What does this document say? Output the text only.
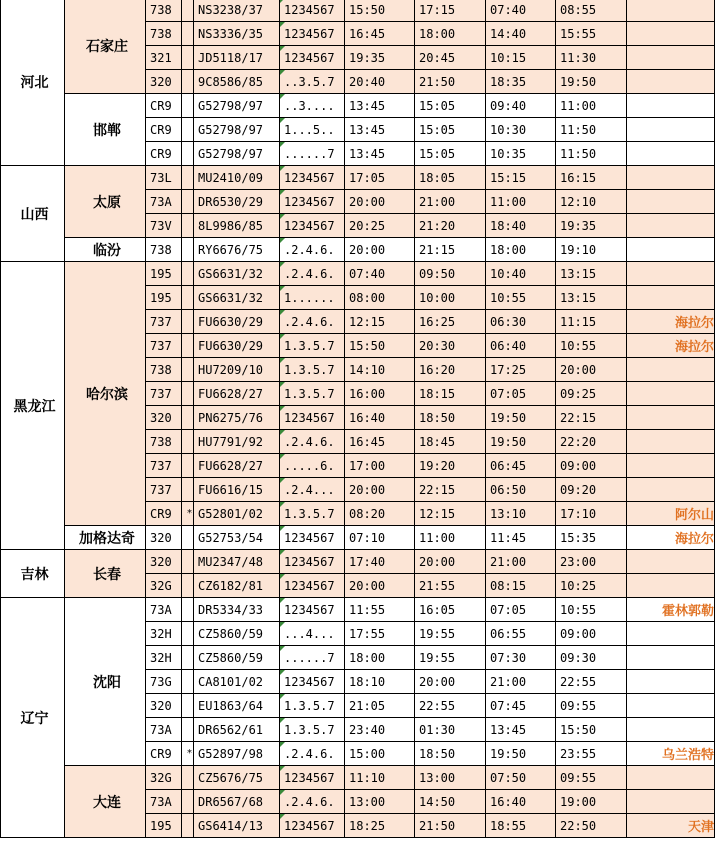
河北	石家庄	738		NS3238/37	1234567	15:50	17:15	07:40	08:55	
		738		NS3336/35	1234567	16:45	18:00	14:40	15:55	
		321		JD5118/17	1234567	19:35	20:45	10:15	11:30	
		320		9C8586/85	..3.5.7	20:40	21:50	18:35	19:50	
	邯郸	CR9		G52798/97	..3....	13:45	15:05	09:40	11:00	
		CR9		G52798/97	1...5..	13:45	15:05	10:30	11:50	
		CR9		G52798/97	......7	13:45	15:05	10:35	11:50	
山西	太原	73L		MU2410/09	1234567	17:05	18:05	15:15	16:15	
		73A		DR6530/29	1234567	20:00	21:00	11:00	12:10	
		73V		8L9986/85	1234567	20:25	21:20	18:40	19:35	
	临汾	738		RY6676/75	.2.4.6.	20:00	21:15	18:00	19:10	
黑龙江	哈尔滨	195		GS6631/32	.2.4.6.	07:40	09:50	10:40	13:15	
		195		GS6631/32	1......	08:00	10:00	10:55	13:15	
		737		FU6630/29	.2.4.6.	12:15	16:25	06:30	11:15	海拉尔
		737		FU6630/29	1.3.5.7	15:50	20:30	06:40	10:55	海拉尔
		738		HU7209/10	1.3.5.7	14:10	16:20	17:25	20:00	
		737		FU6628/27	1.3.5.7	16:00	18:15	07:05	09:25	
		320		PN6275/76	1234567	16:40	18:50	19:50	22:15	
		738		HU7791/92	.2.4.6.	16:45	18:45	19:50	22:20	
		737		FU6628/27	.....6.	17:00	19:20	06:45	09:00	
		737		FU6616/15	.2.4...	20:00	22:15	06:50	09:20	
		CR9	*	G52801/02	1.3.5.7	08:20	12:15	13:10	17:10	阿尔山
	加格达奇	320		G52753/54	1234567	07:10	11:00	11:45	15:35	海拉尔
吉林	长春	320		MU2347/48	1234567	17:40	20:00	21:00	23:00	
		32G		CZ6182/81	1234567	20:00	21:55	08:15	10:25	
辽宁	沈阳	73A		DR5334/33	1234567	11:55	16:05	07:05	10:55	霍林郭勒
		32H		CZ5860/59	...4...	17:55	19:55	06:55	09:00	
		32H		CZ5860/59	......7	18:00	19:55	07:30	09:30	
		73G		CA8101/02	1234567	18:10	20:00	21:00	22:55	
		320		EU1863/64	1.3.5.7	21:05	22:55	07:45	09:55	
		73A		DR6562/61	1.3.5.7	23:40	01:30	13:45	15:50	
		CR9	*	G52897/98	.2.4.6.	15:00	18:50	19:50	23:55	乌兰浩特
	大连	32G		CZ5676/75	1234567	11:10	13:00	07:50	09:55	
		73A		DR6567/68	.2.4.6.	13:00	14:50	16:40	19:00	
		195		GS6414/13	1234567	18:25	21:50	18:55	22:50	天津
